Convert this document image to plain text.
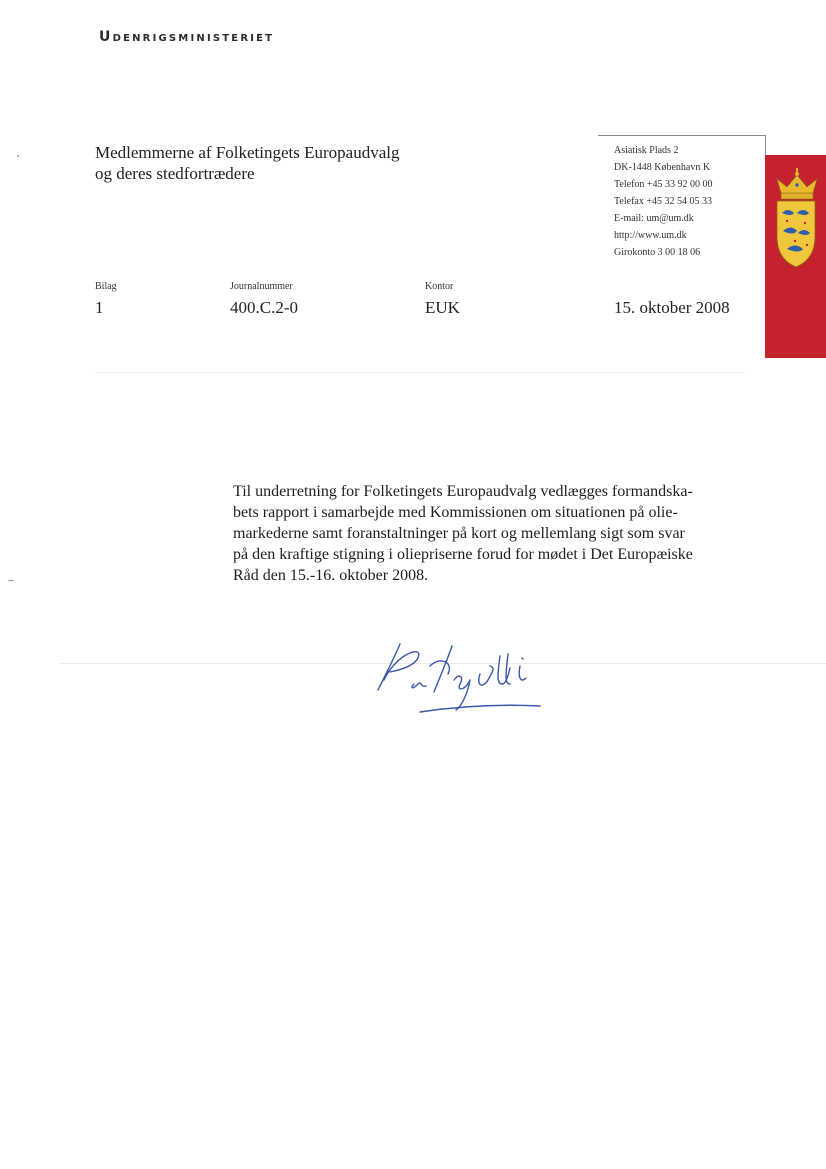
Udenrigsministeriet
Medlemmerne af Folketingets Europaudvalg
og deres stedfortrædere
Asiatisk Plads 2
DK-1448 København K
Telefon +45 33 92 00 00
Telefax +45 32 54 05 33
E-mail: um@um.dk
http://www.um.dk
Girokonto 3 00 18 06
Bilag
1
Journalnummer
400.C.2-0
Kontor
EUK	15. oktober 2008
Til underretning for Folketingets Europaudvalg vedlægges formandska-
bets rapport i samarbejde med Kommissionen om situationen på olie-
markederne samt foranstaltninger på kort og mellemlang sigt som svar
på den kraftige stigning i oliepriserne forud for mødet i Det Europæiske
Råd den 15.-16. oktober 2008.
